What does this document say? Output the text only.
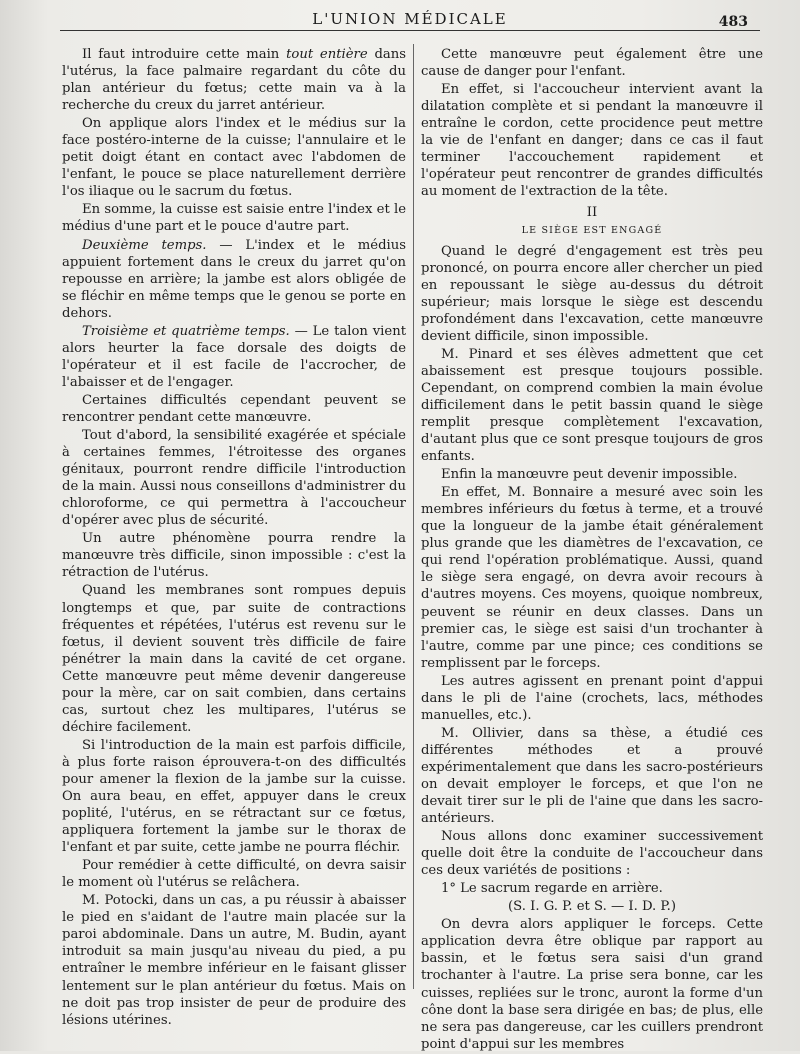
L'UNION MÉDICALE	483

Il faut introduire cette main tout entière dans l'utérus, la face palmaire regardant du côte du plan antérieur du fœtus; cette main va à la recherche du creux du jarret antérieur.

On applique alors l'index et le médius sur la face postéro-interne de la cuisse; l'annulaire et le petit doigt étant en contact avec l'abdomen de l'enfant, le pouce se place naturellement derrière l'os iliaque ou le sacrum du fœtus.

En somme, la cuisse est saisie entre l'index et le médius d'une part et le pouce d'autre part.

Deuxième temps. — L'index et le médius appuient fortement dans le creux du jarret qu'on repousse en arrière; la jambe est alors obligée de se fléchir en même temps que le genou se porte en dehors.

Troisième et quatrième temps. — Le talon vient alors heurter la face dorsale des doigts de l'opérateur et il est facile de l'accrocher, de l'abaisser et de l'engager.

Certaines difficultés cependant peuvent se rencontrer pendant cette manœuvre.

Tout d'abord, la sensibilité exagérée et spéciale à certaines femmes, l'étroitesse des organes génitaux, pourront rendre difficile l'introduction de la main. Aussi nous conseillons d'administrer du chloroforme, ce qui permettra à l'accoucheur d'opérer avec plus de sécurité.

Un autre phénomène pourra rendre la manœuvre très difficile, sinon impossible : c'est la rétraction de l'utérus.

Quand les membranes sont rompues depuis longtemps et que, par suite de contractions fréquentes et répétées, l'utérus est revenu sur le fœtus, il devient souvent très difficile de faire pénétrer la main dans la cavité de cet organe. Cette manœuvre peut même devenir dangereuse pour la mère, car on sait combien, dans certains cas, surtout chez les multipares, l'utérus se déchire facilement.

Si l'introduction de la main est parfois difficile, à plus forte raison éprouvera-t-on des difficultés pour amener la flexion de la jambe sur la cuisse. On aura beau, en effet, appuyer dans le creux poplité, l'utérus, en se rétractant sur ce fœtus, appliquera fortement la jambe sur le thorax de l'enfant et par suite, cette jambe ne pourra fléchir.

Pour remédier à cette difficulté, on devra saisir le moment où l'utérus se relâchera.

M. Potocki, dans un cas, a pu réussir à abaisser le pied en s'aidant de l'autre main placée sur la paroi abdominale. Dans un autre, M. Budin, ayant introduit sa main jusqu'au niveau du pied, a pu entraîner le membre inférieur en le faisant glisser lentement sur le plan antérieur du fœtus. Mais on ne doit pas trop insister de peur de produire des lésions utérines.

Cette manœuvre peut également être une cause de danger pour l'enfant.

En effet, si l'accoucheur intervient avant la dilatation complète et si pendant la manœuvre il entraîne le cordon, cette procidence peut mettre la vie de l'enfant en danger; dans ce cas il faut terminer l'accouchement rapidement et l'opérateur peut rencontrer de grandes difficultés au moment de l'extraction de la tête.

II

LE SIÈGE EST ENGAGÉ

Quand le degré d'engagement est très peu prononcé, on pourra encore aller chercher un pied en repoussant le siège au-dessus du détroit supérieur; mais lorsque le siège est descendu profondément dans l'excavation, cette manœuvre devient difficile, sinon impossible.

M. Pinard et ses élèves admettent que cet abaissement est presque toujours possible. Cependant, on comprend combien la main évolue difficilement dans le petit bassin quand le siège remplit presque complètement l'excavation, d'autant plus que ce sont presque toujours de gros enfants.

Enfin la manœuvre peut devenir impossible.

En effet, M. Bonnaire a mesuré avec soin les membres inférieurs du fœtus à terme, et a trouvé que la longueur de la jambe était généralement plus grande que les diamètres de l'excavation, ce qui rend l'opération problématique. Aussi, quand le siège sera engagé, on devra avoir recours à d'autres moyens. Ces moyens, quoique nombreux, peuvent se réunir en deux classes. Dans un premier cas, le siège est saisi d'un trochanter à l'autre, comme par une pince; ces conditions se remplissent par le forceps.

Les autres agissent en prenant point d'appui dans le pli de l'aine (crochets, lacs, méthodes manuelles, etc.).

M. Ollivier, dans sa thèse, a étudié ces différentes méthodes et a prouvé expérimentalement que dans les sacro-postérieurs on devait employer le forceps, et que l'on ne devait tirer sur le pli de l'aine que dans les sacro-antérieurs.

Nous allons donc examiner successivement quelle doit être la conduite de l'accoucheur dans ces deux variétés de positions :

1° Le sacrum regarde en arrière.

(S. I. G. P. et S. — I. D. P.)

On devra alors appliquer le forceps. Cette application devra être oblique par rapport au bassin, et le fœtus sera saisi d'un grand trochanter à l'autre. La prise sera bonne, car les cuisses, repliées sur le tronc, auront la forme d'un cône dont la base sera dirigée en bas; de plus, elle ne sera pas dangereuse, car les cuillers prendront point d'appui sur les membres
